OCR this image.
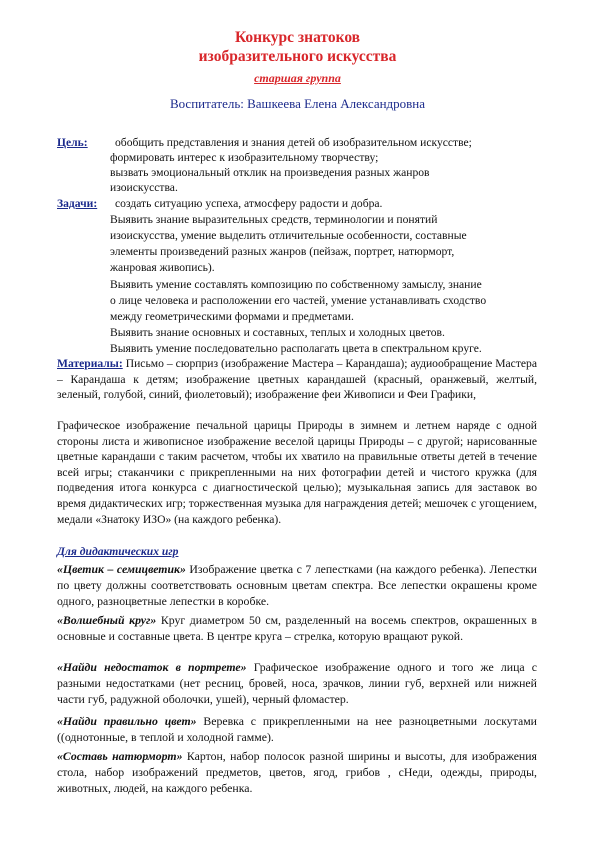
Конкурс знатоков
изобразительного искусства
старшая группа
Воспитатель: Вашкеева Елена Александровна
Цель: обобщить представления и знания детей об изобразительном искусстве;
формировать интерес к изобразительному творчеству;
вызвать эмоциональный отклик на произведения разных жанров
изоискусства.
Задачи: создать ситуацию успеха, атмосферу радости и добра.
Выявить знание выразительных средств, терминологии и понятий
изоискусства, умение выделить отличительные особенности, составные
элементы произведений разных жанров (пейзаж, портрет, натюрморт,
жанровая живопись).
Выявить умение составлять композицию по собственному замыслу, знание
о лице человека и расположении его частей, умение устанавливать сходство
между геометрическими формами и предметами.
Выявить знание основных и составных, теплых и холодных цветов.
Выявить умение последовательно располагать цвета в спектральном круге.
Материалы: Письмо – сюрприз (изображение Мастера – Карандаша); аудиообращение Мастера – Карандаша к детям; изображение цветных карандашей (красный, оранжевый, желтый, зеленый, голубой, синий, фиолетовый); изображение феи Живописи и Феи Графики,
Графическое изображение печальной царицы Природы в зимнем и летнем наряде с одной стороны листа и живописное изображение веселой царицы Природы – с другой; нарисованные цветные карандаши с таким расчетом, чтобы их хватило на правильные ответы детей в течение всей игры; стаканчики с прикрепленными на них фотографии детей и чистого кружка (для подведения итога конкурса с диагностической целью); музыкальная запись для заставок во время дидактических игр; торжественная музыка для награждения детей; мешочек с угощением, медали «Знатоку ИЗО» (на каждого ребенка).
Для дидактических игр
«Цветик – семицветик» Изображение цветка с 7 лепестками (на каждого ребенка). Лепестки по цвету должны соответствовать основным цветам спектра. Все лепестки окрашены кроме одного, разноцветные лепестки в коробке.
«Волшебный круг» Круг диаметром 50 см, разделенный на восемь спектров, окрашенных в основные и составные цвета. В центре круга – стрелка, которую вращают рукой.
«Найди недостаток в портрете» Графическое изображение одного и того же лица с разными недостатками (нет ресниц, бровей, носа, зрачков, линии губ, верхней или нижней части губ, радужной оболочки, ушей), черный фломастер.
«Найди правильно цвет» Веревка с прикрепленными на нее разноцветными лоскутами ((однотонные, в теплой и холодной гамме).
«Составь натюрморт» Картон, набор полосок разной ширины и высоты, для изображения стола, набор изображений предметов, цветов, ягод, грибов , сНеди, одежды, природы, животных, людей, на каждого ребенка.
